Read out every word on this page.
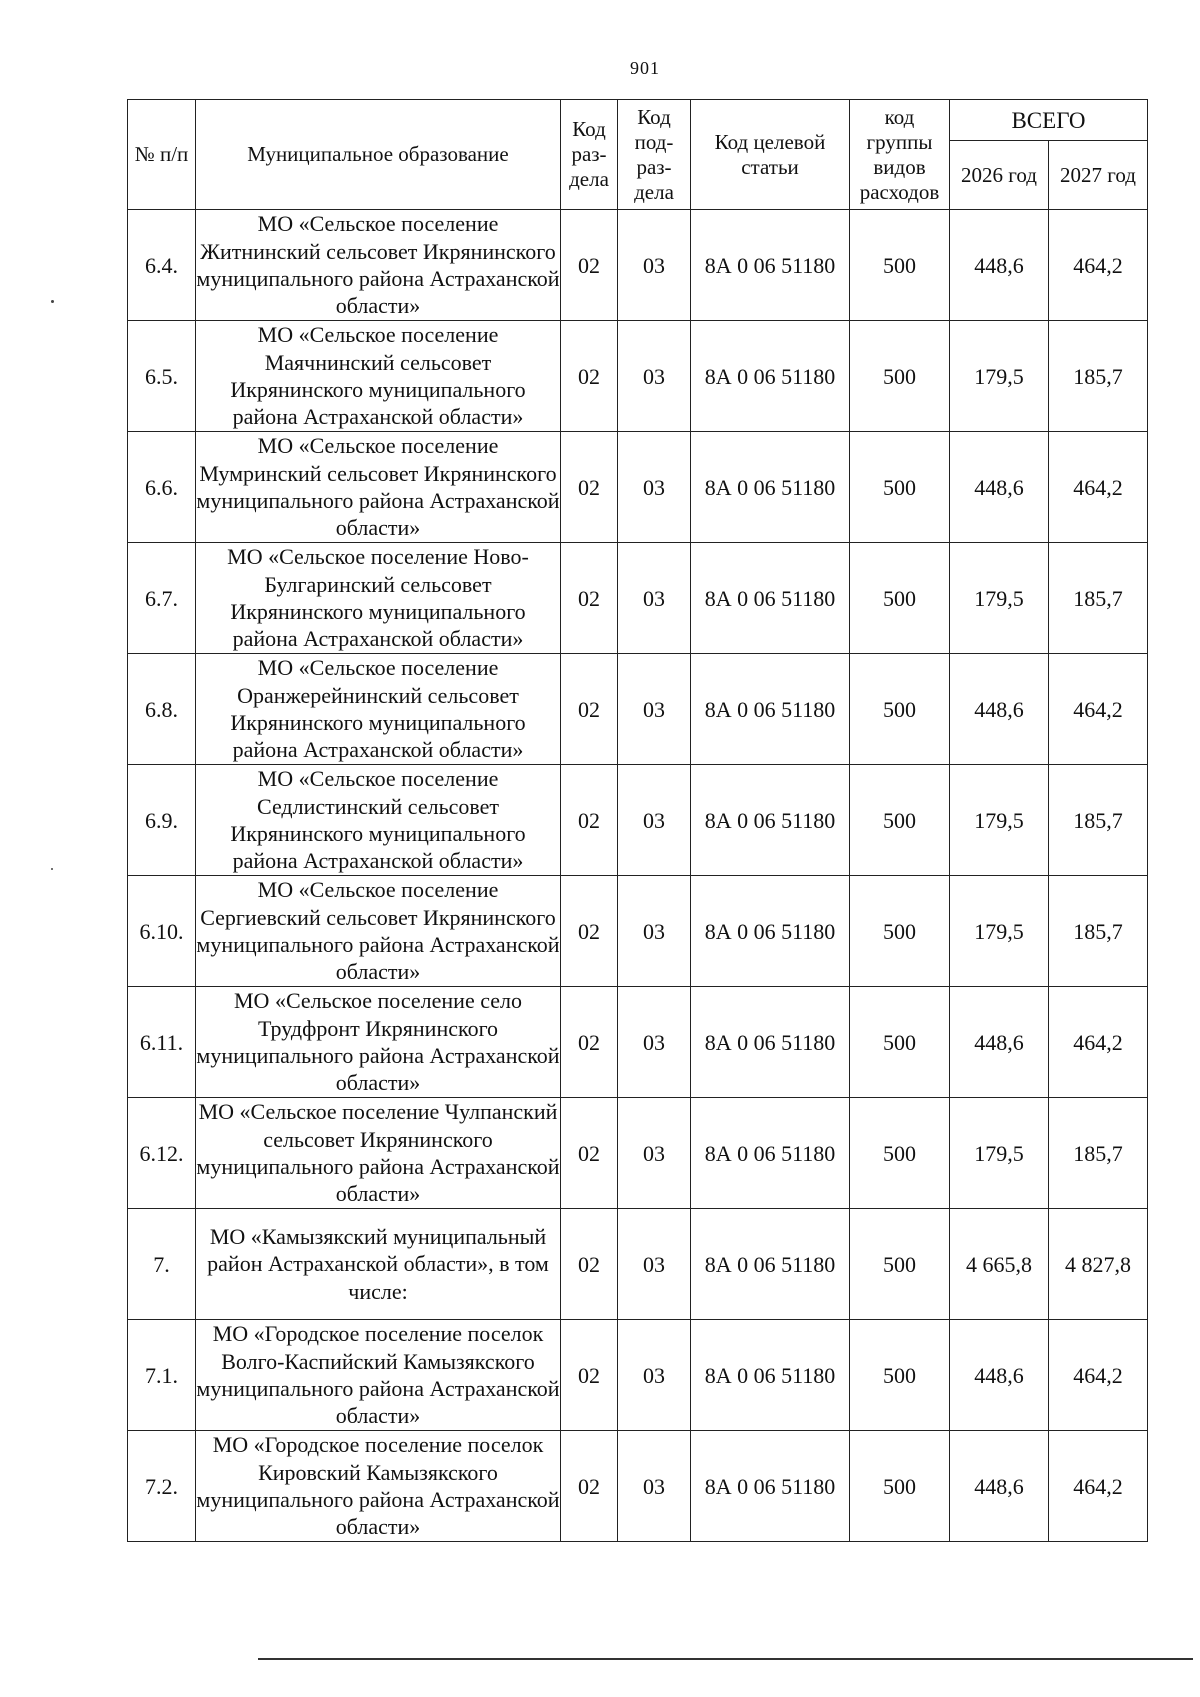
901
№ п/п	Муниципальное образование	Код раз-дела	Код под-раз-дела	Код целевой статьи	код группы видов расходов	ВСЕГО	
						2026 год	2027 год
6.4.	МО «Сельское поселение Житнинский сельсовет Икрянинского муниципального района Астраханской области»	02	03	8А 0 06 51180	500	448,6	464,2
6.5.	МО «Сельское поселение Маячнинский сельсовет Икрянинского муниципального района Астраханской области»	02	03	8А 0 06 51180	500	179,5	185,7
6.6.	МО «Сельское поселение Мумринский сельсовет Икрянинского муниципального района Астраханской области»	02	03	8А 0 06 51180	500	448,6	464,2
6.7.	МО «Сельское поселение Ново-Булгаринский сельсовет Икрянинского муниципального района Астраханской области»	02	03	8А 0 06 51180	500	179,5	185,7
6.8.	МО «Сельское поселение Оранжерейнинский сельсовет Икрянинского муниципального района Астраханской области»	02	03	8А 0 06 51180	500	448,6	464,2
6.9.	МО «Сельское поселение Седлистинский сельсовет Икрянинского муниципального района Астраханской области»	02	03	8А 0 06 51180	500	179,5	185,7
6.10.	МО «Сельское поселение Сергиевский сельсовет Икрянинского муниципального района Астраханской области»	02	03	8А 0 06 51180	500	179,5	185,7
6.11.	МО «Сельское поселение село Трудфронт Икрянинского муниципального района Астраханской области»	02	03	8А 0 06 51180	500	448,6	464,2
6.12.	МО «Сельское поселение Чулпанский сельсовет Икрянинского муниципального района Астраханской области»	02	03	8А 0 06 51180	500	179,5	185,7
7.	МО «Камызякский муниципальный район Астраханской области», в том числе:	02	03	8А 0 06 51180	500	4 665,8	4 827,8
7.1.	МО «Городское поселение поселок Волго-Каспийский Камызякского муниципального района Астраханской области»	02	03	8А 0 06 51180	500	448,6	464,2
7.2.	МО «Городское поселение поселок Кировский Камызякского муниципального района Астраханской области»	02	03	8А 0 06 51180	500	448,6	464,2
